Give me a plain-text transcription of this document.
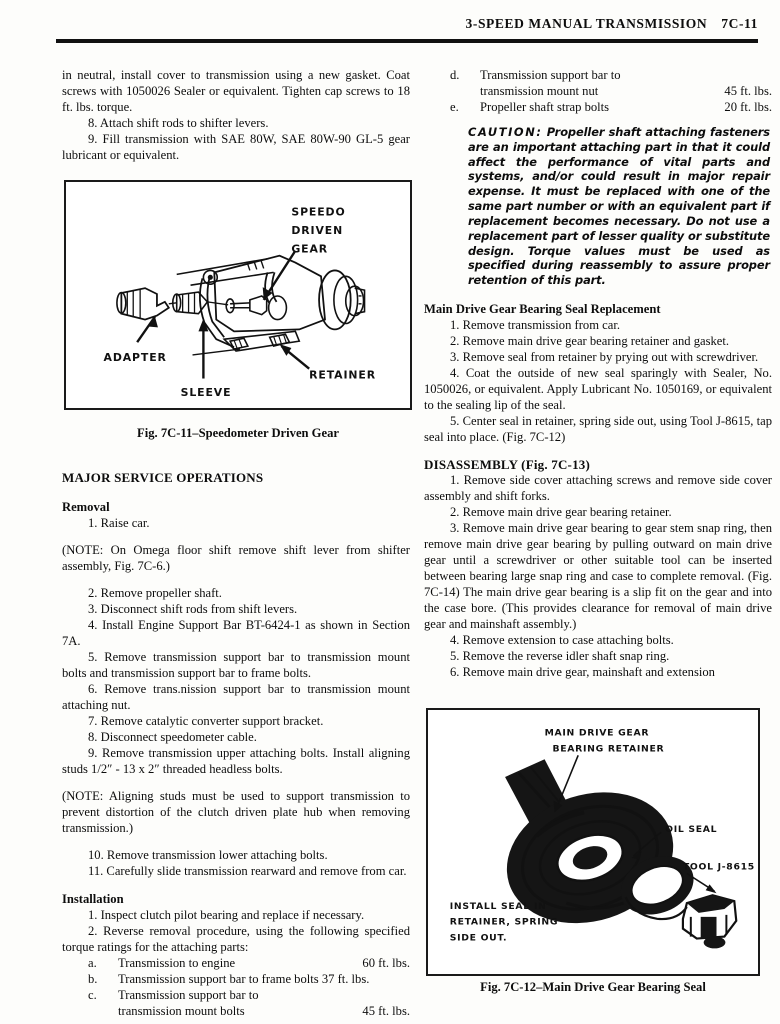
3-SPEED MANUAL TRANSMISSION 7C-11

in neutral, install cover to transmission using a new gasket. Coat screws with 1050026 Sealer or equivalent. Tighten cap screws to 18 ft. lbs. torque.

8. Attach shift rods to shifter levers.

9. Fill transmission with SAE 80W, SAE 80W-90 GL-5 gear lubricant or equivalent.

MAJOR SERVICE OPERATIONS

Removal

1. Raise car.

(NOTE: On Omega floor shift remove shift lever from shifter assembly, Fig. 7C-6.)

2. Remove propeller shaft.

3. Disconnect shift rods from shift levers.

4. Install Engine Support Bar BT-6424-1 as shown in Section 7A.

5. Remove transmission support bar to transmission mount bolts and transmission support bar to frame bolts.

6. Remove trans.nission support bar to transmission mount attaching nut.

7. Remove catalytic converter support bracket.

8. Disconnect speedometer cable.

9. Remove transmission upper attaching bolts. Install aligning studs 1/2″ - 13 x 2″ threaded headless bolts.

(NOTE: Aligning studs must be used to support transmission to prevent distortion of the clutch driven plate hub when removing transmission.)

10. Remove transmission lower attaching bolts.

11. Carefully slide transmission rearward and remove from car.

Installation

1. Inspect clutch pilot bearing and replace if necessary.

2. Reverse removal procedure, using the following specified torque ratings for the attaching parts:

a.	Transmission to engine	60 ft. lbs.
b.	Transmission support bar to frame bolts 37 ft. lbs.
c.	Transmission support bar to
transmission mount bolts	45 ft. lbs.
d.	Transmission support bar to
transmission mount nut	45 ft. lbs.
e.	Propeller shaft strap bolts	20 ft. lbs.
CAUTION: Propeller shaft attaching fasteners are an important attaching part in that it could affect the performance of vital parts and systems, and/or could result in major repair expense. It must be replaced with one of the same part number or with an equivalent part if replacement becomes necessary. Do not use a replacement part of lesser quality or substitute design. Torque values must be used as specified during reassembly to assure proper retention of this part.

Main Drive Gear Bearing Seal Replacement

1. Remove transmission from car.

2. Remove main drive gear bearing retainer and gasket.

3. Remove seal from retainer by prying out with screwdriver.

4. Coat the outside of new seal sparingly with Sealer, No. 1050026, or equivalent. Apply Lubricant No. 1050169, or equivalent to the sealing lip of the seal.

5. Center seal in retainer, spring side out, using Tool J-8615, tap seal into place. (Fig. 7C-12)

DISASSEMBLY (Fig. 7C-13)

1. Remove side cover attaching screws and remove side cover assembly and shift forks.

2. Remove main drive gear bearing retainer.

3. Remove main drive gear bearing to gear stem snap ring, then remove main drive gear bearing by pulling outward on main drive gear until a screwdriver or other suitable tool can be inserted between bearing large snap ring and case to complete removal. (Fig. 7C-14) The main drive gear bearing is a slip fit on the gear and into the case bore. (This provides clearance for removal of main drive gear and mainshaft assembly.)

4. Remove extension to case attaching bolts.

5. Remove the reverse idler shaft snap ring.

6. Remove main drive gear, mainshaft and extension

SPEEDO
DRIVEN
GEAR
ADAPTER
SLEEVE
RETAINER
Fig. 7C-11–Speedometer Driven Gear
MAIN DRIVE GEAR
BEARING RETAINER
OIL SEAL
TOOL J-8615
INSTALL SEAL IN
RETAINER, SPRING
SIDE OUT.
Fig. 7C-12–Main Drive Gear Bearing Seal
